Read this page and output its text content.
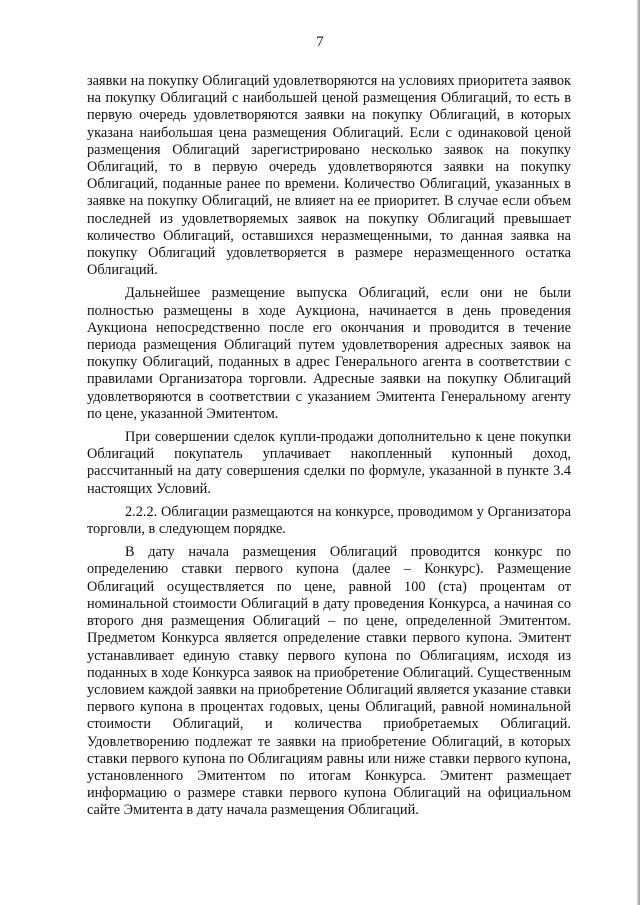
7

заявки на покупку Облигаций удовлетворяются на условиях приоритета заявок на покупку Облигаций с наибольшей ценой размещения Облигаций, то есть в первую очередь удовлетворяются заявки на покупку Облигаций, в которых указана наибольшая цена размещения Облигаций. Если с одинаковой ценой размещения Облигаций зарегистрировано несколько заявок на покупку Облигаций, то в первую очередь удовлетворяются заявки на покупку Облигаций, поданные ранее по времени. Количество Облигаций, указанных в заявке на покупку Облигаций, не влияет на ее приоритет. В случае если объем последней из удовлетворяемых заявок на покупку Облигаций превышает количество Облигаций, оставшихся неразмещенными, то данная заявка на покупку Облигаций удовлетворяется в размере неразмещенного остатка Облигаций.

Дальнейшее размещение выпуска Облигаций, если они не были полностью размещены в ходе Аукциона, начинается в день проведения Аукциона непосредственно после его окончания и проводится в течение периода размещения Облигаций путем удовлетворения адресных заявок на покупку Облигаций, поданных в адрес Генерального агента в соответствии с правилами Организатора торговли. Адресные заявки на покупку Облигаций удовлетворяются в соответствии с указанием Эмитента Генеральному агенту по цене, указанной Эмитентом.

При совершении сделок купли-продажи дополнительно к цене покупки Облигаций покупатель уплачивает накопленный купонный доход, рассчитанный на дату совершения сделки по формуле, указанной в пункте 3.4 настоящих Условий.

2.2.2. Облигации размещаются на конкурсе, проводимом у Организатора торговли, в следующем порядке.

В дату начала размещения Облигаций проводится конкурс по определению ставки первого купона (далее – Конкурс). Размещение Облигаций осуществляется по цене, равной 100 (ста) процентам от номинальной стоимости Облигаций в дату проведения Конкурса, а начиная со второго дня размещения Облигаций – по цене, определенной Эмитентом. Предметом Конкурса является определение ставки первого купона. Эмитент устанавливает единую ставку первого купона по Облигациям, исходя из поданных в ходе Конкурса заявок на приобретение Облигаций. Существенным условием каждой заявки на приобретение Облигаций является указание ставки первого купона в процентах годовых, цены Облигаций, равной номинальной стоимости Облигаций, и количества приобретаемых Облигаций. Удовлетворению подлежат те заявки на приобретение Облигаций, в которых ставки первого купона по Облигациям равны или ниже ставки первого купона, установленного Эмитентом по итогам Конкурса. Эмитент размещает информацию о размере ставки первого купона Облигаций на официальном сайте Эмитента в дату начала размещения Облигаций.
